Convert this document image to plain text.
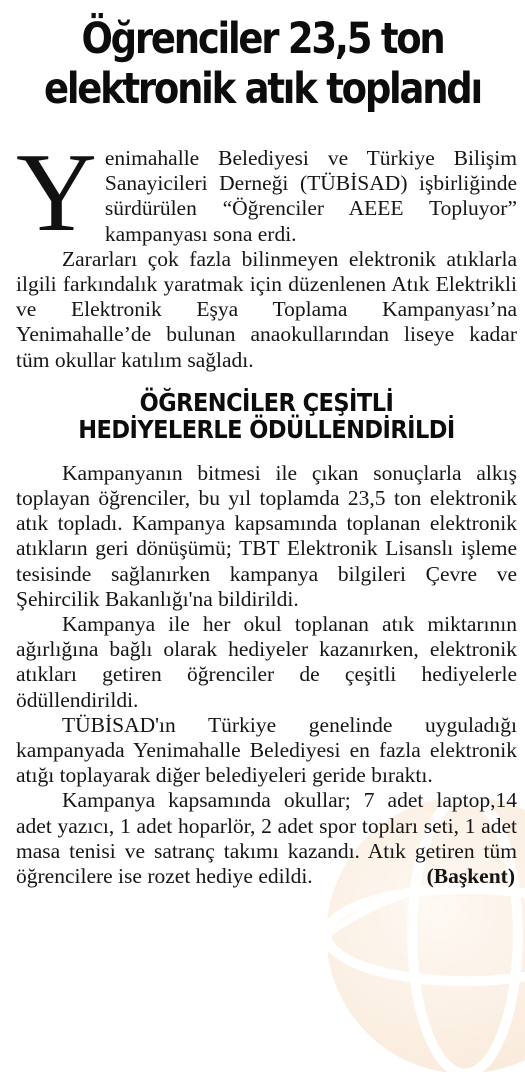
Öğrenciler 23,5 ton
elektronik atık toplandı

Yenimahalle Belediyesi ve Türkiye Bilişim Sanayicileri Derneği (TÜBİSAD) işbirliğinde sürdürülen “Öğrenciler AEEE Topluyor” kampanyası sona erdi.

Zararları çok fazla bilinmeyen elektronik atıklarla ilgili farkındalık yaratmak için düzenlenen Atık Elektrikli ve Elektronik Eşya Toplama Kampanyası’na Yenimahalle’de bulunan anaokullarından liseye kadar tüm okullar katılım sağladı.

ÖĞRENCİLER ÇEŞİTLİ
HEDİYELERLE ÖDÜLLENDİRİLDİ

Kampanyanın bitmesi ile çıkan sonuçlarla alkış toplayan öğrenciler, bu yıl toplamda 23,5 ton elektronik atık topladı. Kampanya kapsamında toplanan elektronik atıkların geri dönüşümü; TBT Elektronik Lisanslı işleme tesisinde sağlanırken kampanya bilgileri Çevre ve Şehircilik Bakanlığı'na bildirildi.

Kampanya ile her okul toplanan atık miktarının ağırlığına bağlı olarak hediyeler kazanırken, elektronik atıkları getiren öğrenciler de çeşitli hediyelerle ödüllendirildi.

TÜBİSAD'ın Türkiye genelinde uyguladığı kampanyada Yenimahalle Belediyesi en fazla elektronik atığı toplayarak diğer belediyeleri geride bıraktı.

Kampanya kapsamında okullar; 7 adet laptop,14 adet yazıcı, 1 adet hoparlör, 2 adet spor topları seti, 1 adet masa tenisi ve satranç takımı kazandı. Atık getiren tüm öğrencilere ise rozet hediye edildi.	(Başkent)
